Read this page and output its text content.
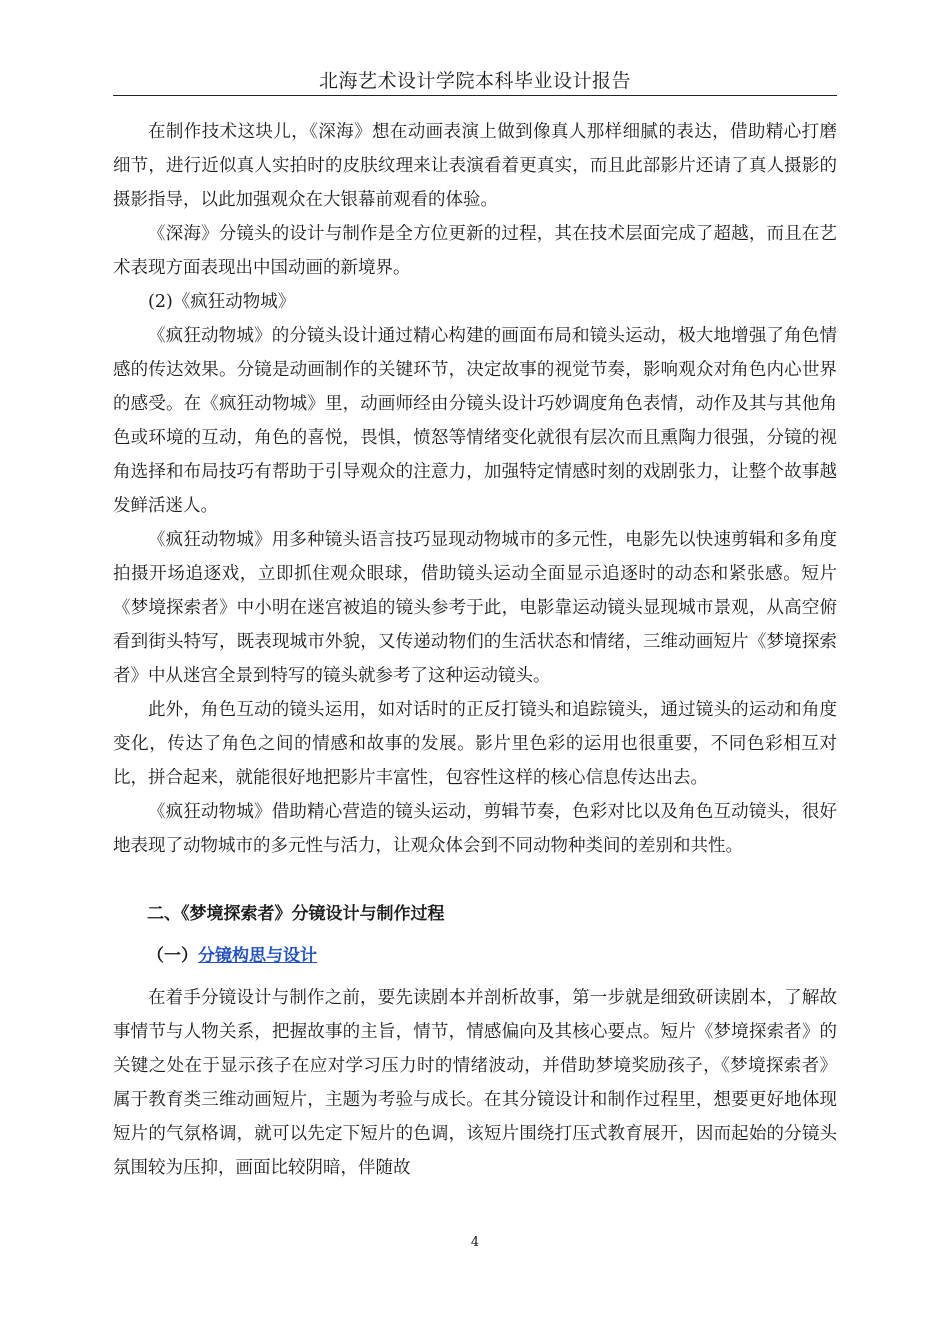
北海艺术设计学院本科毕业设计报告

在制作技术这块儿，《深海》想在动画表演上做到像真人那样细腻的表达，借助精心打磨细节，进行近似真人实拍时的皮肤纹理来让表演看着更真实，而且此部影片还请了真人摄影的摄影指导，以此加强观众在大银幕前观看的体验。

《深海》分镜头的设计与制作是全方位更新的过程，其在技术层面完成了超越，而且在艺术表现方面表现出中国动画的新境界。

(2)《疯狂动物城》

《疯狂动物城》的分镜头设计通过精心构建的画面布局和镜头运动，极大地增强了角色情感的传达效果。分镜是动画制作的关键环节，决定故事的视觉节奏，影响观众对角色内心世界的感受。在《疯狂动物城》里，动画师经由分镜头设计巧妙调度角色表情，动作及其与其他角色或环境的互动，角色的喜悦，畏惧，愤怒等情绪变化就很有层次而且熏陶力很强，分镜的视角选择和布局技巧有帮助于引导观众的注意力，加强特定情感时刻的戏剧张力，让整个故事越发鲜活迷人。

《疯狂动物城》用多种镜头语言技巧显现动物城市的多元性，电影先以快速剪辑和多角度拍摄开场追逐戏，立即抓住观众眼球，借助镜头运动全面显示追逐时的动态和紧张感。短片《梦境探索者》中小明在迷宫被追的镜头参考于此，电影靠运动镜头显现城市景观，从高空俯看到街头特写，既表现城市外貌，又传递动物们的生活状态和情绪，三维动画短片《梦境探索者》中从迷宫全景到特写的镜头就参考了这种运动镜头。

此外，角色互动的镜头运用，如对话时的正反打镜头和追踪镜头，通过镜头的运动和角度变化，传达了角色之间的情感和故事的发展。影片里色彩的运用也很重要，不同色彩相互对比，拼合起来，就能很好地把影片丰富性，包容性这样的核心信息传达出去。

《疯狂动物城》借助精心营造的镜头运动，剪辑节奏，色彩对比以及角色互动镜头，很好地表现了动物城市的多元性与活力，让观众体会到不同动物种类间的差别和共性。

二、《梦境探索者》分镜设计与制作过程
（一）分镜构思与设计

在着手分镜设计与制作之前，要先读剧本并剖析故事，第一步就是细致研读剧本，了解故事情节与人物关系，把握故事的主旨，情节，情感偏向及其核心要点。短片《梦境探索者》的关键之处在于显示孩子在应对学习压力时的情绪波动，并借助梦境奖励孩子，《梦境探索者》属于教育类三维动画短片，主题为考验与成长。在其分镜设计和制作过程里，想要更好地体现短片的气氛格调，就可以先定下短片的色调，该短片围绕打压式教育展开，因而起始的分镜头氛围较为压抑，画面比较阴暗，伴随故

4
